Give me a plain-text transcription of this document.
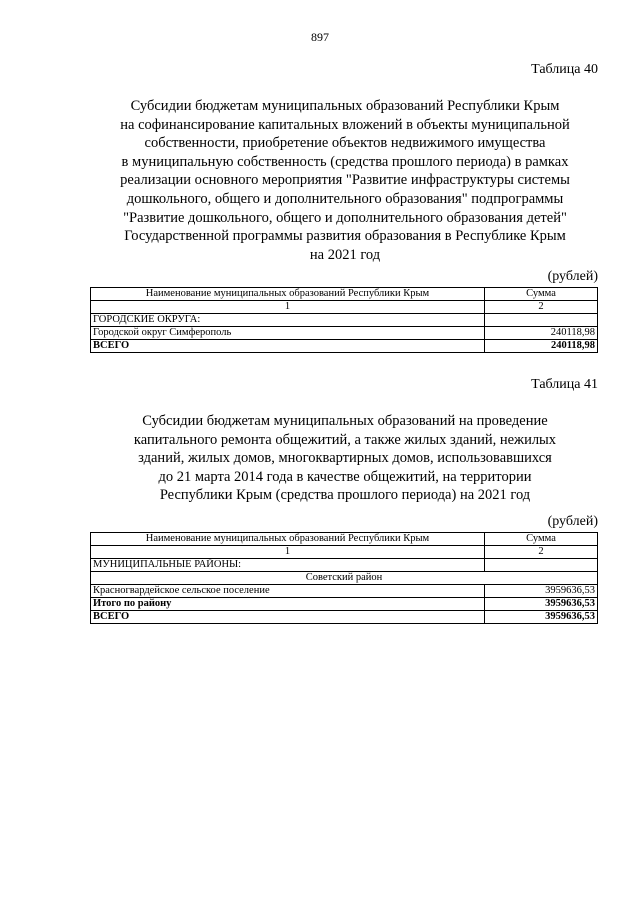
897
Таблица 40
Субсидии бюджетам муниципальных образований Республики Крым
на софинансирование капитальных вложений в объекты муниципальной
собственности, приобретение объектов недвижимого имущества
в муниципальную собственность (средства прошлого периода) в рамках
реализации основного мероприятия "Развитие инфраструктуры системы
дошкольного, общего и дополнительного образования" подпрограммы
"Развитие дошкольного, общего и дополнительного образования детей"
Государственной программы развития образования в Республике Крым
на 2021 год
(рублей)
Наименование муниципальных образований Республики Крым	Сумма
1	2
ГОРОДСКИЕ ОКРУГА:	
Городской округ Симферополь	240118,98
ВСЕГО	240118,98
Таблица 41
Субсидии бюджетам муниципальных образований на проведение
капитального ремонта общежитий, а также жилых зданий, нежилых
зданий, жилых домов, многоквартирных домов, использовавшихся
до 21 марта 2014 года в качестве общежитий, на территории
Республики Крым (средства прошлого периода) на 2021 год
(рублей)
Наименование муниципальных образований Республики Крым	Сумма
1	2
МУНИЦИПАЛЬНЫЕ РАЙОНЫ:	
Советский район	
Красногвардейское сельское поселение	3959636,53
Итого по району	3959636,53
ВСЕГО	3959636,53
